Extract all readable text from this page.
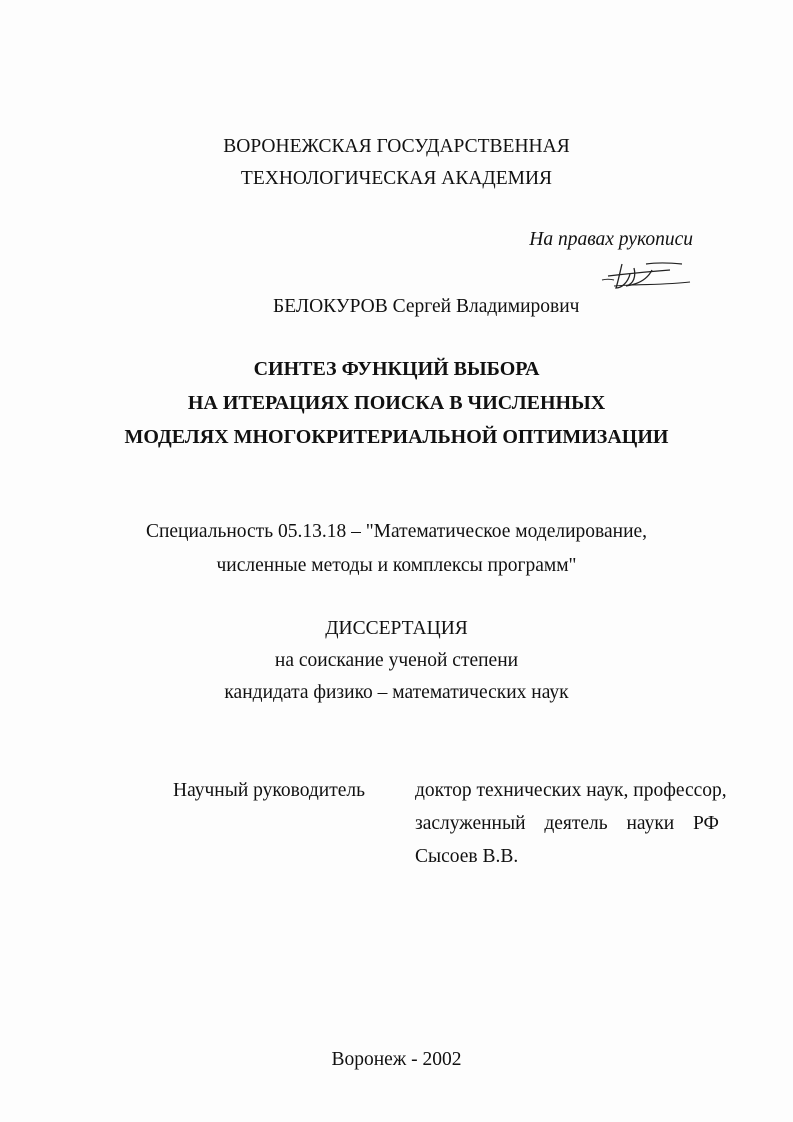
ВОРОНЕЖСКАЯ ГОСУДАРСТВЕННАЯ
ТЕХНОЛОГИЧЕСКАЯ АКАДЕМИЯ
На правах рукописи
БЕЛОКУРОВ Сергей Владимирович
СИНТЕЗ ФУНКЦИЙ ВЫБОРА
НА ИТЕРАЦИЯХ ПОИСКА В ЧИСЛЕННЫХ
МОДЕЛЯХ МНОГОКРИТЕРИАЛЬНОЙ ОПТИМИЗАЦИИ
Специальность 05.13.18 – "Математическое моделирование,
численные методы и комплексы программ"
ДИССЕРТАЦИЯ
на соискание ученой степени
кандидата физико – математических наук
Научный руководитель	доктор технических наук, профессор,
заслуженный деятель науки РФ
Сысоев В.В.
Воронеж - 2002
